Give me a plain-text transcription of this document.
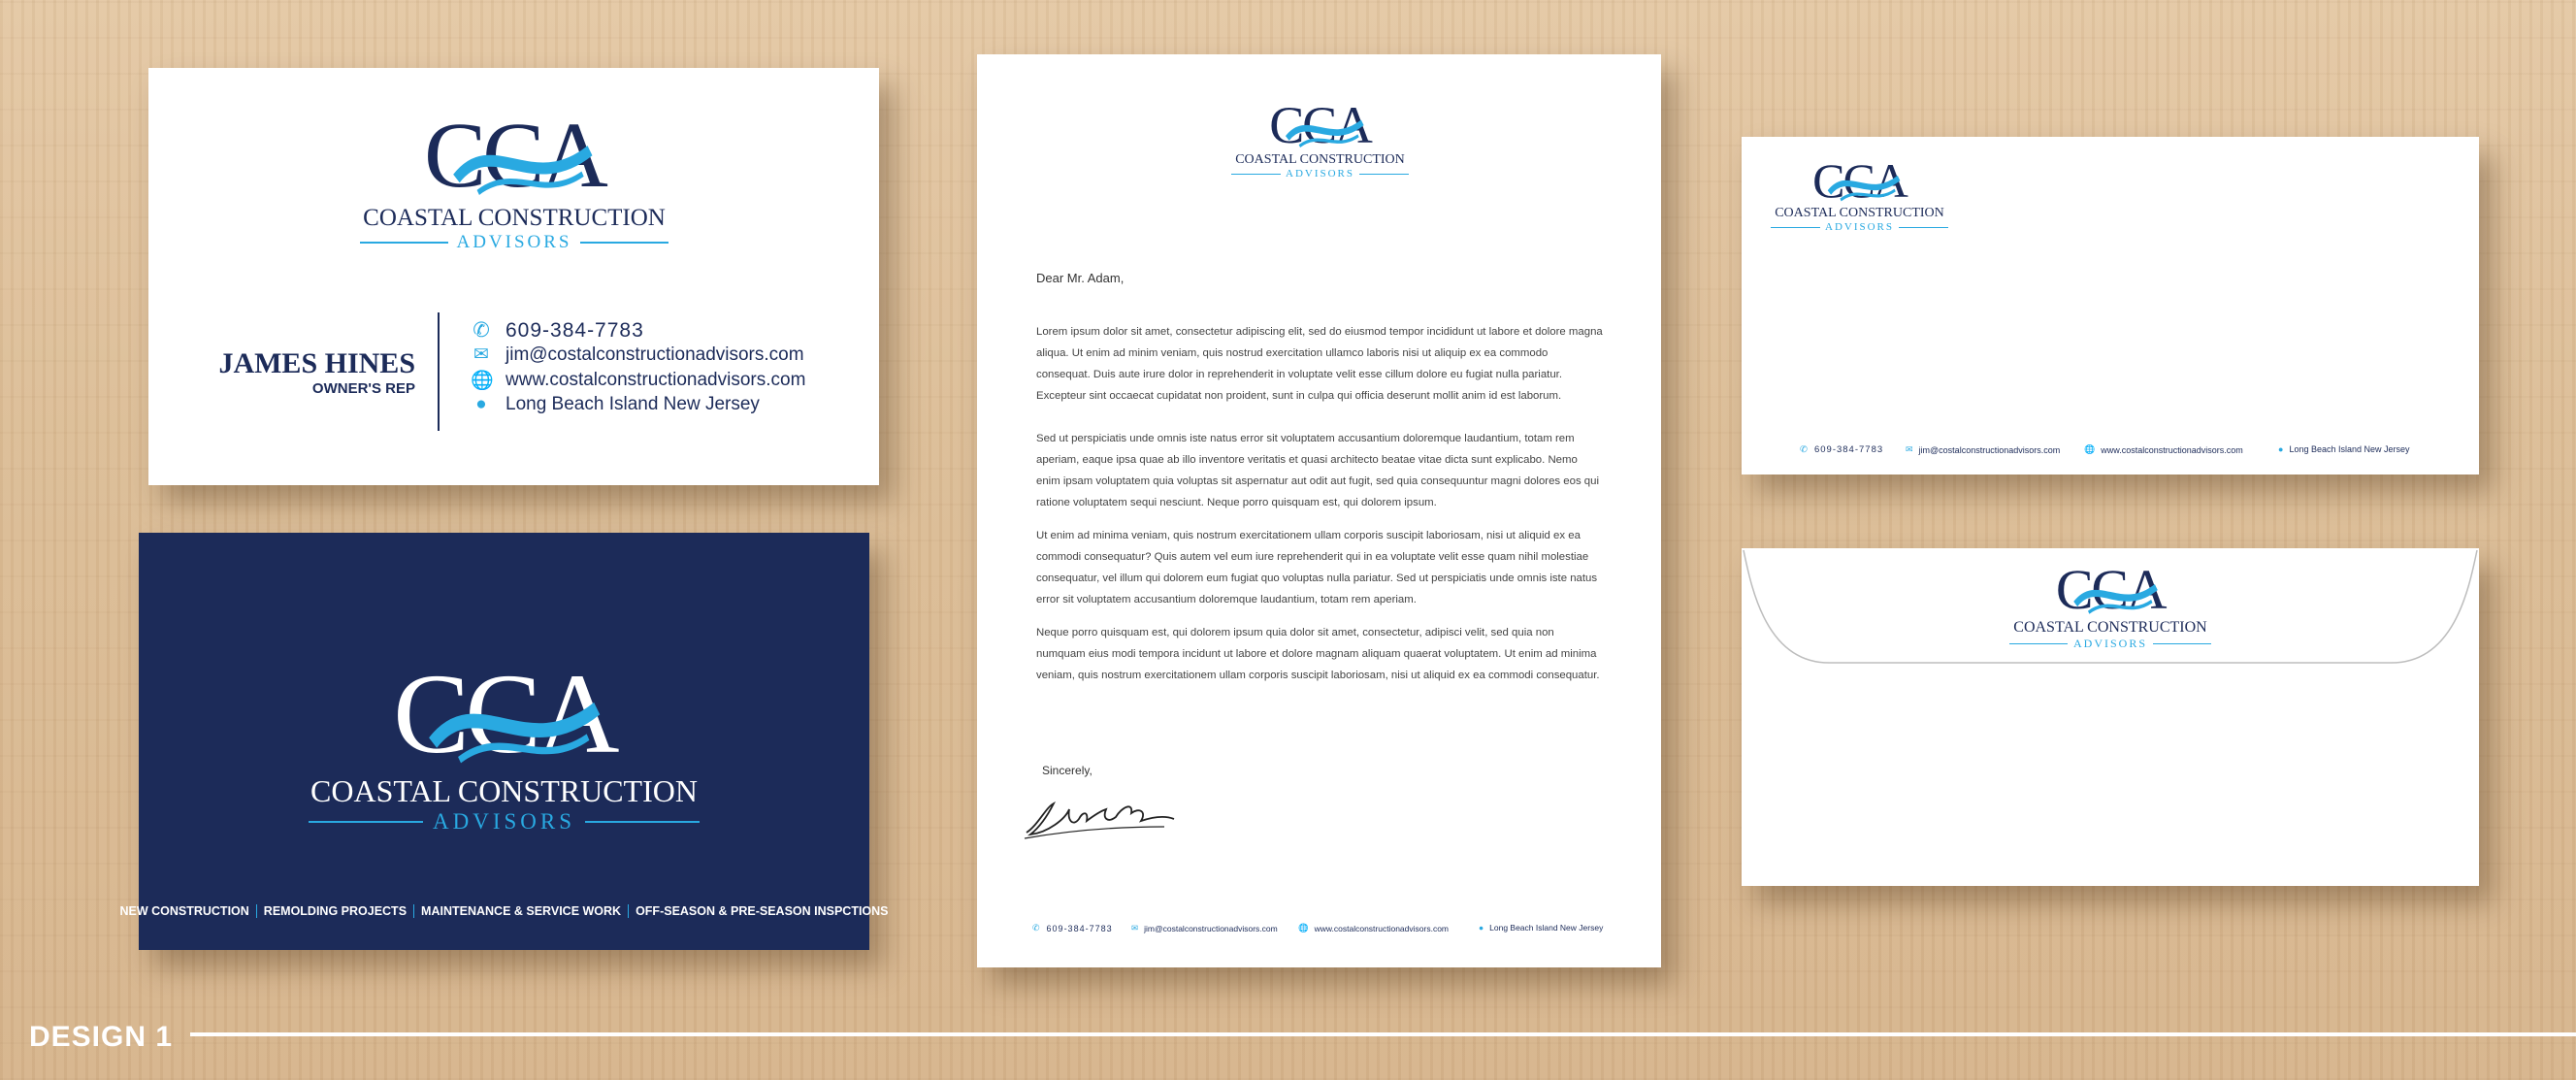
CCA
COASTAL CONSTRUCTION
ADVISORS
JAMES HINES
OWNER'S REP
✆ 609-384-7783
✉ jim@costalconstructionadvisors.com
🌐 www.costalconstructionadvisors.com
● Long Beach Island New Jersey
CCA
COASTAL CONSTRUCTION
ADVISORS
NEW CONSTRUCTION	REMOLDING PROJECTS	MAINTENANCE & SERVICE WORK	OFF-SEASON & PRE-SEASON INSPCTIONS
CCA
COASTAL CONSTRUCTION
ADVISORS
Dear Mr. Adam,
Lorem ipsum dolor sit amet, consectetur adipiscing elit, sed do eiusmod tempor incididunt ut labore et dolore magna aliqua. Ut enim ad minim veniam, quis nostrud exercitation ullamco laboris nisi ut aliquip ex ea commodo consequat. Duis aute irure dolor in reprehenderit in voluptate velit esse cillum dolore eu fugiat nulla pariatur. Excepteur sint occaecat cupidatat non proident, sunt in culpa qui officia deserunt mollit anim id est laborum.
Sed ut perspiciatis unde omnis iste natus error sit voluptatem accusantium doloremque laudantium, totam rem aperiam, eaque ipsa quae ab illo inventore veritatis et quasi architecto beatae vitae dicta sunt explicabo. Nemo enim ipsam voluptatem quia voluptas sit aspernatur aut odit aut fugit, sed quia consequuntur magni dolores eos qui ratione voluptatem sequi nesciunt. Neque porro quisquam est, qui dolorem ipsum.
Ut enim ad minima veniam, quis nostrum exercitationem ullam corporis suscipit laboriosam, nisi ut aliquid ex ea commodi consequatur? Quis autem vel eum iure reprehenderit qui in ea voluptate velit esse quam nihil molestiae consequatur, vel illum qui dolorem eum fugiat quo voluptas nulla pariatur. Sed ut perspiciatis unde omnis iste natus error sit voluptatem accusantium doloremque laudantium, totam rem aperiam.
Neque porro quisquam est, qui dolorem ipsum quia dolor sit amet, consectetur, adipisci velit, sed quia non numquam eius modi tempora incidunt ut labore et dolore magnam aliquam quaerat voluptatem. Ut enim ad minima veniam, quis nostrum exercitationem ullam corporis suscipit laboriosam, nisi ut aliquid ex ea commodi consequatur.
Sincerely,
✆ 609-384-7783 ✉ jim@costalconstructionadvisors.com	🌐 www.costalconstructionadvisors.com	● Long Beach Island New Jersey
CCA
COASTAL CONSTRUCTION
ADVISORS
✆ 609-384-7783	✉ jim@costalconstructionadvisors.com	🌐 www.costalconstructionadvisors.com	● Long Beach Island New Jersey
CCA
COASTAL CONSTRUCTION
ADVISORS
DESIGN 1
